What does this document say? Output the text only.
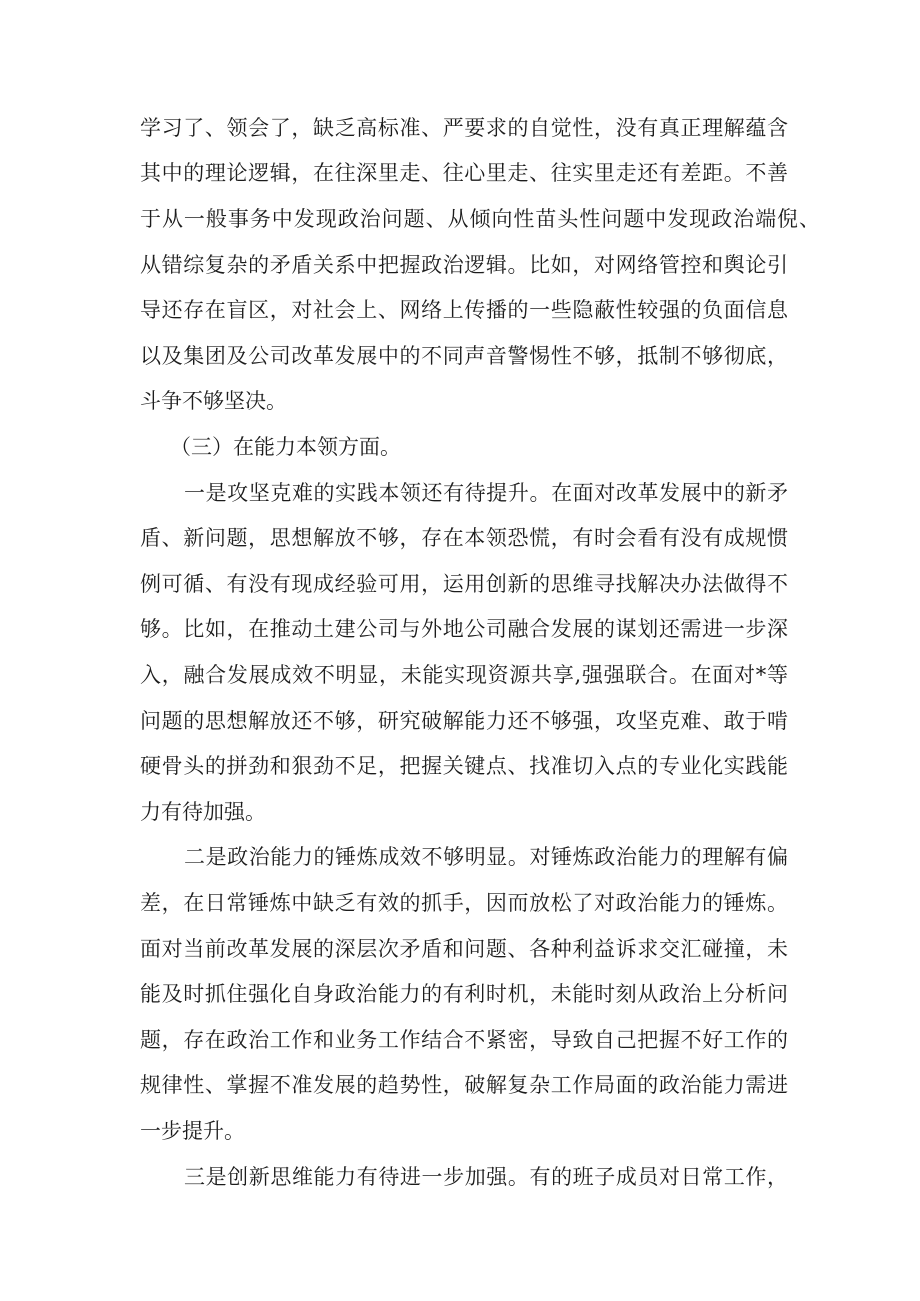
学习了、领会了，缺乏高标准、严要求的自觉性，没有真正理解蕴含

其中的理论逻辑，在往深里走、往心里走、往实里走还有差距。不善

于从一般事务中发现政治问题、从倾向性苗头性问题中发现政治端倪、

从错综复杂的矛盾关系中把握政治逻辑。比如，对网络管控和舆论引

导还存在盲区，对社会上、网络上传播的一些隐蔽性较强的负面信息

以及集团及公司改革发展中的不同声音警惕性不够，抵制不够彻底，

斗争不够坚决。

（三）在能力本领方面。

一是攻坚克难的实践本领还有待提升。在面对改革发展中的新矛

盾、新问题，思想解放不够，存在本领恐慌，有时会看有没有成规惯

例可循、有没有现成经验可用，运用创新的思维寻找解决办法做得不

够。比如，在推动土建公司与外地公司融合发展的谋划还需进一步深

入，融合发展成效不明显，未能实现资源共享,强强联合。在面对*等

问题的思想解放还不够，研究破解能力还不够强，攻坚克难、敢于啃

硬骨头的拼劲和狠劲不足，把握关键点、找准切入点的专业化实践能

力有待加强。

二是政治能力的锤炼成效不够明显。对锤炼政治能力的理解有偏

差，在日常锤炼中缺乏有效的抓手，因而放松了对政治能力的锤炼。

面对当前改革发展的深层次矛盾和问题、各种利益诉求交汇碰撞，未

能及时抓住强化自身政治能力的有利时机，未能时刻从政治上分析问

题，存在政治工作和业务工作结合不紧密，导致自己把握不好工作的

规律性、掌握不准发展的趋势性，破解复杂工作局面的政治能力需进

一步提升。

三是创新思维能力有待进一步加强。有的班子成员对日常工作，
